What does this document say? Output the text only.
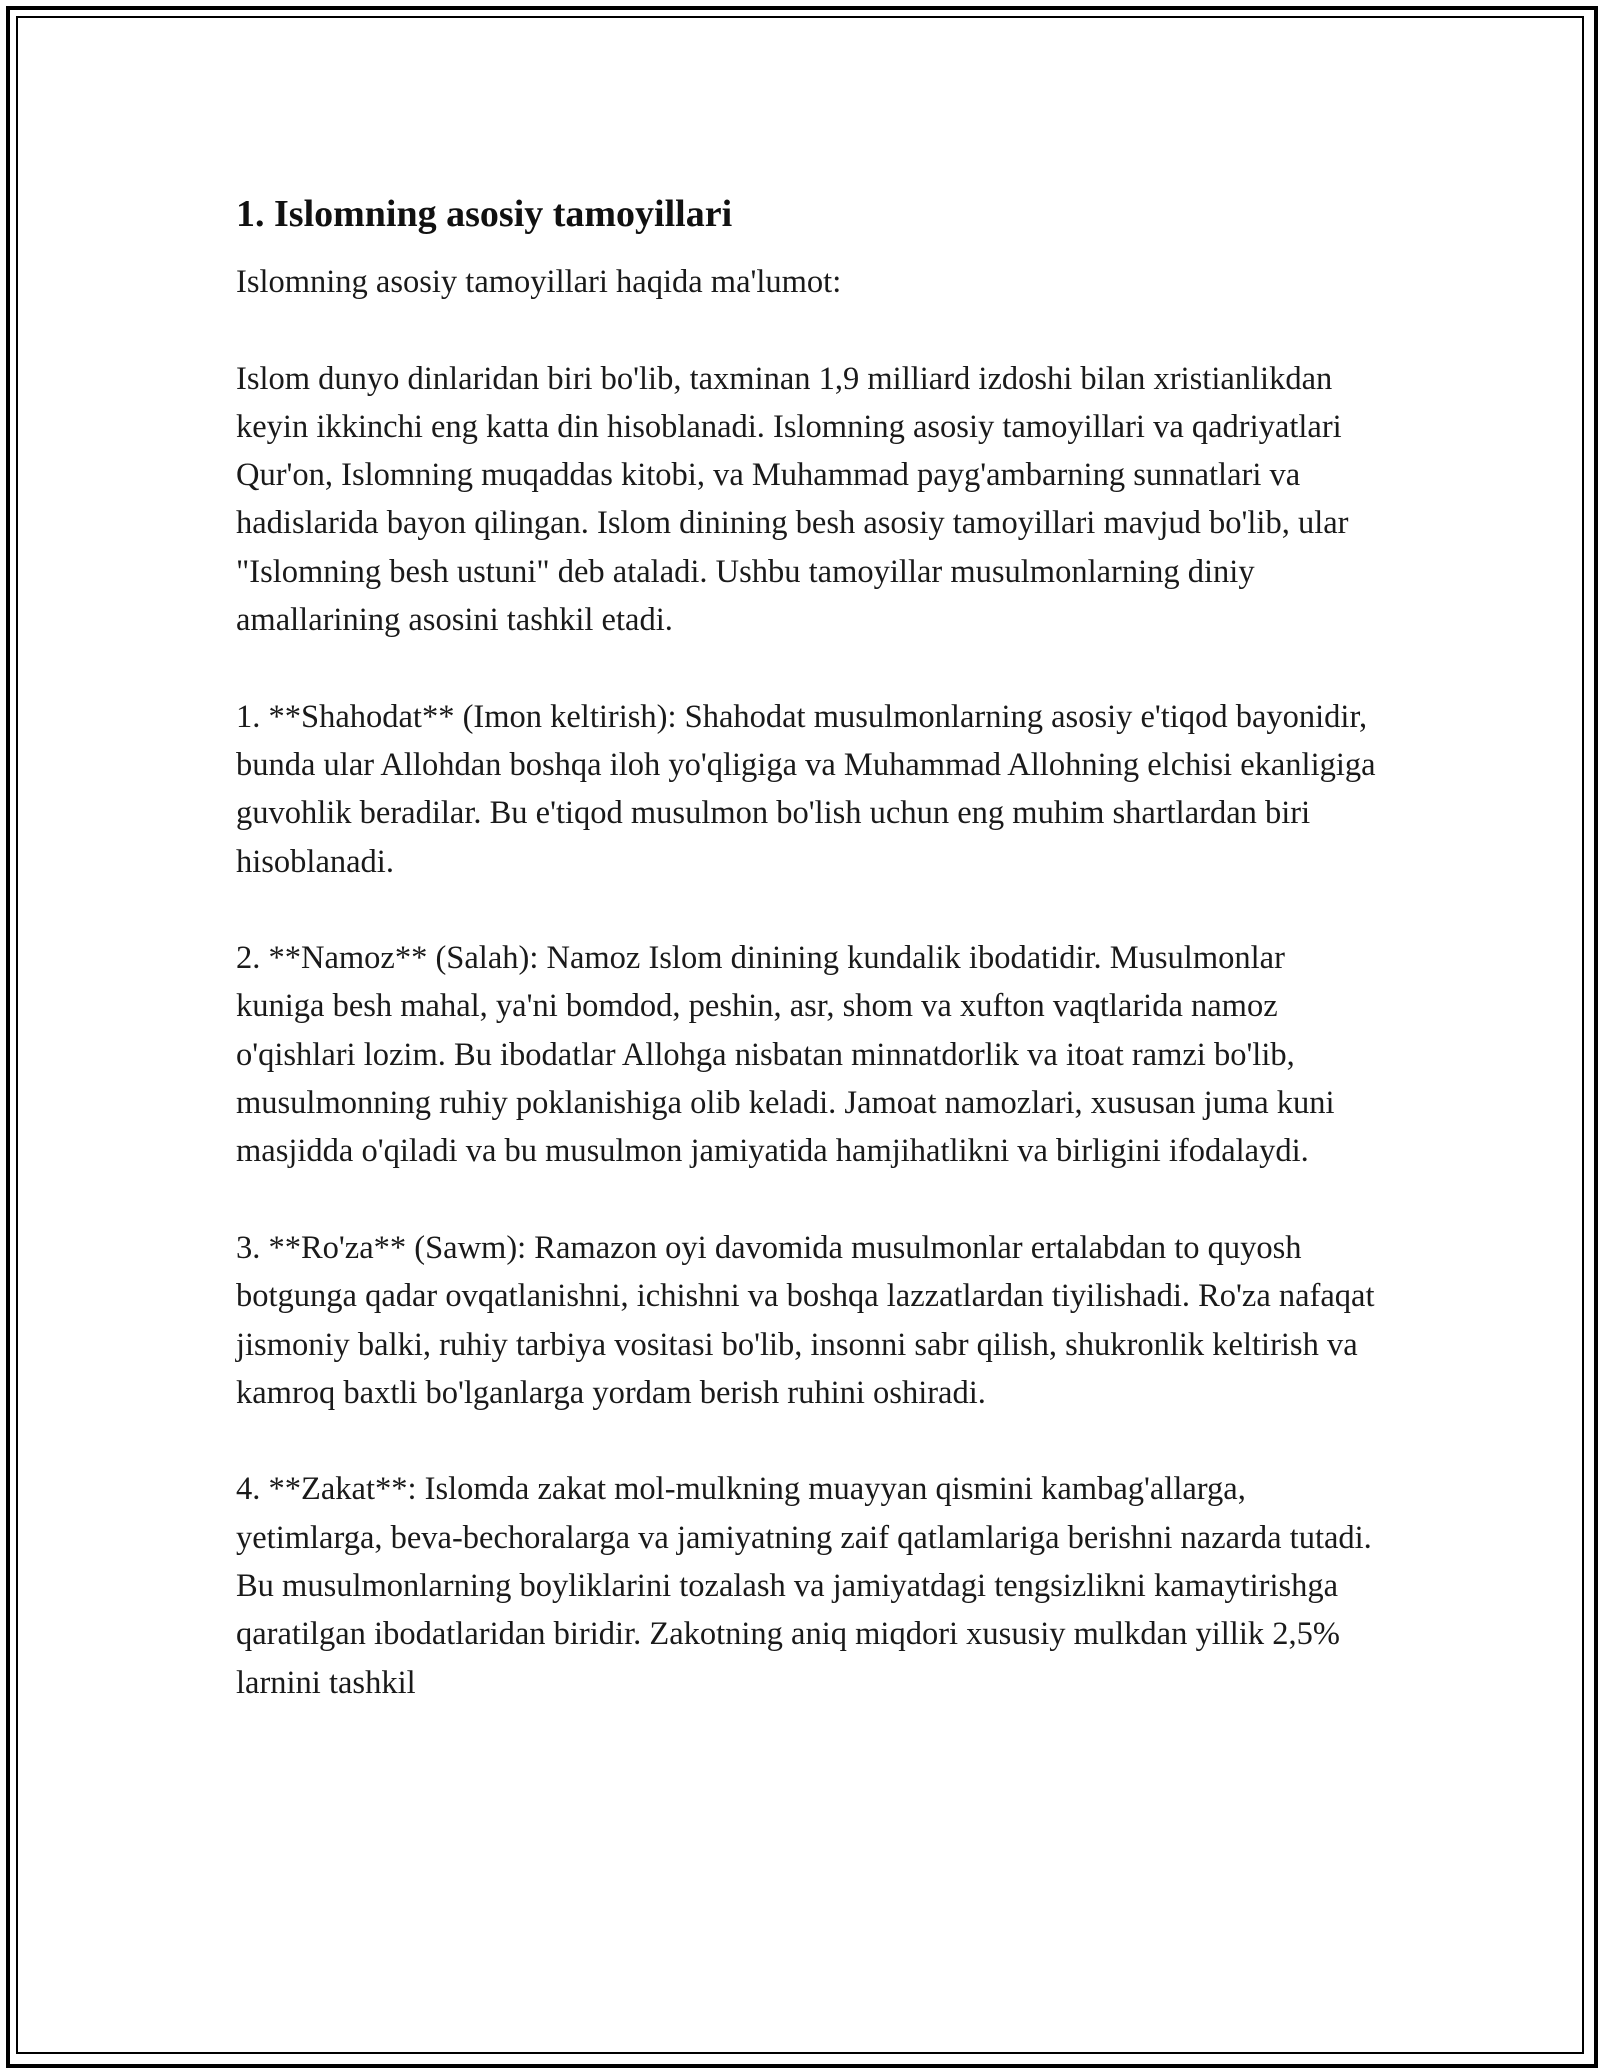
1. Islomning asosiy tamoyillari

Islomning asosiy tamoyillari haqida ma'lumot:

Islom dunyo dinlaridan biri bo'lib, taxminan 1,9 milliard izdoshi bilan xristianlikdan keyin ikkinchi eng katta din hisoblanadi. Islomning asosiy tamoyillari va qadriyatlari Qur'on, Islomning muqaddas kitobi, va Muhammad payg'ambarning sunnatlari va hadislarida bayon qilingan. Islom dinining besh asosiy tamoyillari mavjud bo'lib, ular "Islomning besh ustuni" deb ataladi. Ushbu tamoyillar musulmonlarning diniy amallarining asosini tashkil etadi.

1. **Shahodat** (Imon keltirish): Shahodat musulmonlarning asosiy e'tiqod bayonidir, bunda ular Allohdan boshqa iloh yo'qligiga va Muhammad Allohning elchisi ekanligiga guvohlik beradilar. Bu e'tiqod musulmon bo'lish uchun eng muhim shartlardan biri hisoblanadi.

2. **Namoz** (Salah): Namoz Islom dinining kundalik ibodatidir. Musulmonlar kuniga besh mahal, ya'ni bomdod, peshin, asr, shom va xufton vaqtlarida namoz o'qishlari lozim. Bu ibodatlar Allohga nisbatan minnatdorlik va itoat ramzi bo'lib, musulmonning ruhiy poklanishiga olib keladi. Jamoat namozlari, xususan juma kuni masjidda o'qiladi va bu musulmon jamiyatida hamjihatlikni va birligini ifodalaydi.

3. **Ro'za** (Sawm): Ramazon oyi davomida musulmonlar ertalabdan to quyosh botgunga qadar ovqatlanishni, ichishni va boshqa lazzatlardan tiyilishadi. Ro'za nafaqat jismoniy balki, ruhiy tarbiya vositasi bo'lib, insonni sabr qilish, shukronlik keltirish va kamroq baxtli bo'lganlarga yordam berish ruhini oshiradi.

4. **Zakat**: Islomda zakat mol-mulkning muayyan qismini kambag'allarga, yetimlarga, beva-bechoralarga va jamiyatning zaif qatlamlariga berishni nazarda tutadi. Bu musulmonlarning boyliklarini tozalash va jamiyatdagi tengsizlikni kamaytirishga qaratilgan ibodatlaridan biridir. Zakotning aniq miqdori xususiy mulkdan yillik 2,5% larnini tashkil
